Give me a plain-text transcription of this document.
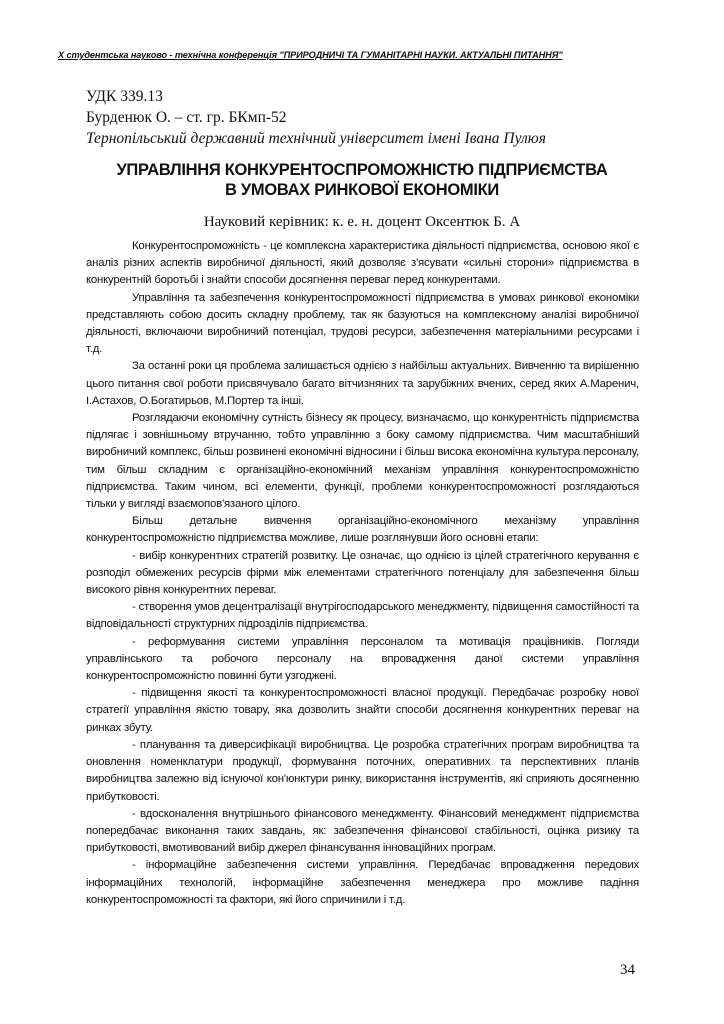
X студентська науково - технічна конференція "ПРИРОДНИЧІ ТА ГУМАНІТАРНІ НАУКИ. АКТУАЛЬНІ ПИТАННЯ"
УДК 339.13
Бурденюк О. – ст. гр. БКмп-52
Тернопільський державний технічний університет імені Івана Пулюя
УПРАВЛІННЯ КОНКУРЕНТОСПРОМОЖНІСТЮ ПІДПРИЄМСТВА
В УМОВАХ РИНКОВОЇ ЕКОНОМІКИ
Науковий керівник: к. е. н. доцент Оксентюк Б. А

Конкурентоспроможність - це комплексна характеристика діяльності підприємства, основою якої є аналіз різних аспектів виробничої діяльності, який дозволяє з'ясувати «сильні сторони» підприємства в конкурентній боротьбі і знайти способи досягнення переваг перед конкурентами.

Управління та забезпечення конкурентоспроможності підприємства в умовах ринкової економіки представляють собою досить складну проблему, так як базуються на комплексному аналізі виробничої діяльності, включаючи виробничий потенціал, трудові ресурси, забезпечення матеріальними ресурсами і т.д.

За останні роки ця проблема залишається однією з найбільш актуальних. Вивченню та вирішенню цього питання свої роботи присвячувало багато вітчизняних та зарубіжних вчених, серед яких А.Маренич, І.Астахов, О.Богатирьов, М.Портер та інші.

Розглядаючи економічну сутність бізнесу як процесу, визначаємо, що конкурентність підприємства підлягає і зовнішньому втручанню, тобто управлінню з боку самому підприємства. Чим масштабніший виробничий комплекс, більш розвинені економічні відносини і більш висока економічна культура персоналу, тим більш складним є організаційно-економічний механізм управління конкурентоспроможністю підприємства. Таким чином, всі елементи, функції, проблеми конкурентоспроможності розглядаються тільки у вигляді взаємопов'язаного цілого.

Більш детальне вивчення організаційно-економічного механізму управління конкурентоспроможністю підприємства можливе, лише розглянувши його основні етапи:

- вибір конкурентних стратегій розвитку. Це означає, що однією із цілей стратегічного керування є розподіл обмежених ресурсів фірми між елементами стратегічного потенціалу для забезпечення більш високого рівня конкурентних переваг.

- створення умов децентралізації внутрігосподарського менеджменту, підвищення самостійності та відповідальності структурних підрозділів підприємства.

- реформування системи управління персоналом та мотивація працівників. Погляди управлінського та робочого персоналу на впровадження даної системи управління конкурентоспроможністю повинні бути узгоджені.

- підвищення якості та конкурентоспроможності власної продукції. Передбачає розробку нової стратегії управління якістю товару, яка дозволить знайти способи досягнення конкурентних переваг на ринках збуту.

- планування та диверсифікації виробництва. Це розробка стратегічних програм виробництва та оновлення номенклатури продукції, формування поточних, оперативних та перспективних планів виробництва залежно від існуючої кон'юнктури ринку, використання інструментів, які сприяють досягненню прибутковості.

- вдосконалення внутрішнього фінансового менеджменту. Фінансовий менеджмент підприємства попередбачає виконання таких завдань, як: забезпечення фінансової стабільності, оцінка ризику та прибутковості, вмотивований вибір джерел фінансування інноваційних програм.

- інформаційне забезпечення системи управління. Передбачає впровадження передових інформаційних технологій, інформаційне забезпечення менеджера про можливе падіння конкурентоспроможності та фактори, які його спричинили і т.д.

34
